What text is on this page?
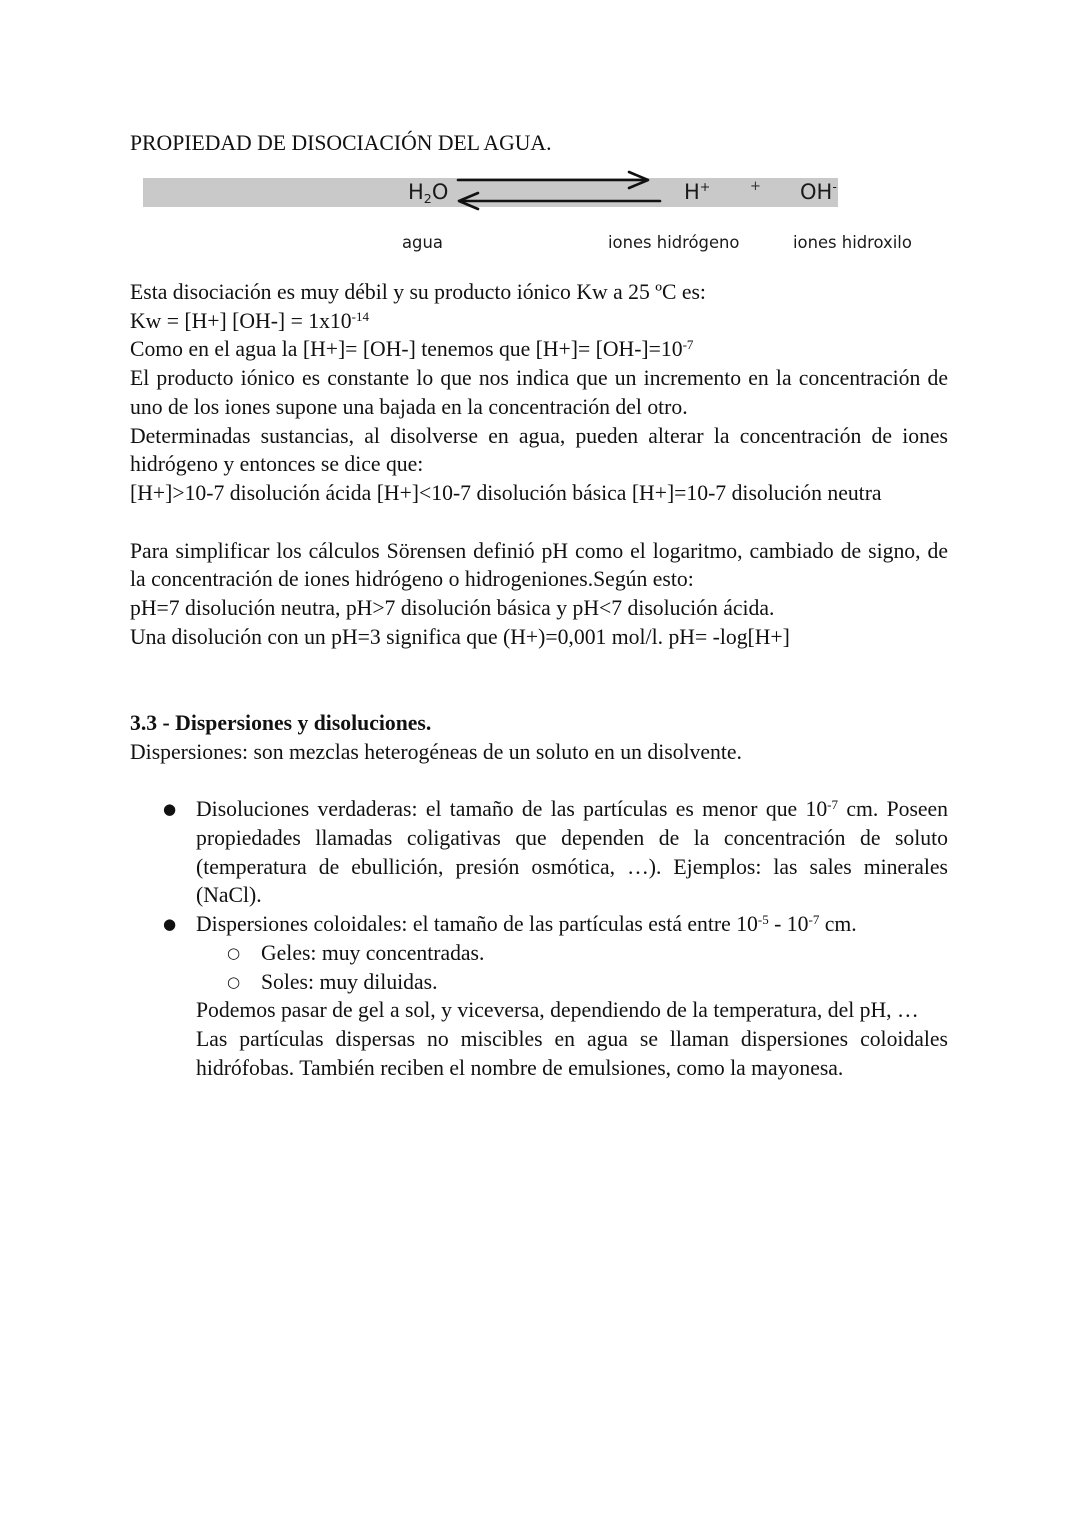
PROPIEDAD DE DISOCIACIÓN DEL AGUA.
$H_2O$	H+	+ OH-
agua	iones hidrógeno	iones hidroxilo
Esta disociación es muy débil y su producto iónico Kw a 25 ºC es:
Kw = [H+] $[OH-] = 1x10^{-14}$
Como en el agua la [H+]= [OH-] tenemos que $[H+]= [OH-]=10^{-7}$
El producto iónico es constante lo que nos indica que un incremento en la concentración de
uno de los iones supone una bajada en la concentración del otro.
Determinadas sustancias, al disolverse en agua, pueden alterar la concentración de iones
hidrógeno y entonces se dice que:
[H+]>10-7 disolución ácida [H+]<10-7 disolución básica [H+]=10-7 disolución neutra
Para simplificar los cálculos Sörensen definió pH como el logaritmo, cambiado de signo, de
la concentración de iones hidrógeno o hidrogeniones.Según esto:
pH=7 disolución neutra, pH>7 disolución básica y pH<7 disolución ácida.
Una disolución con un pH=3 significa que (H+)=0,001 mol/l. pH= -log[H+]
3.3 - Dispersiones y disoluciones.
Dispersiones: son mezclas heterogéneas de un soluto en un disolvente.
● Disoluciones verdaderas: el tamaño de las partículas es menor que $10^{-7}$ cm. Poseen
propiedades llamadas coligativas que dependen de la concentración de soluto
(temperatura de ebullición, presión osmótica, …). Ejemplos: las sales minerales
(NaCl).
● Dispersiones coloidales: el tamaño de las partículas está entre $10^{-5} - 10^{-7}$ cm.
○ Geles: muy concentradas.
○ Soles: muy diluidas.
Podemos pasar de gel a sol, y viceversa, dependiendo de la temperatura, del pH, …
Las partículas dispersas no miscibles en agua se llaman dispersiones coloidales
hidrófobas. También reciben el nombre de emulsiones, como la mayonesa.
